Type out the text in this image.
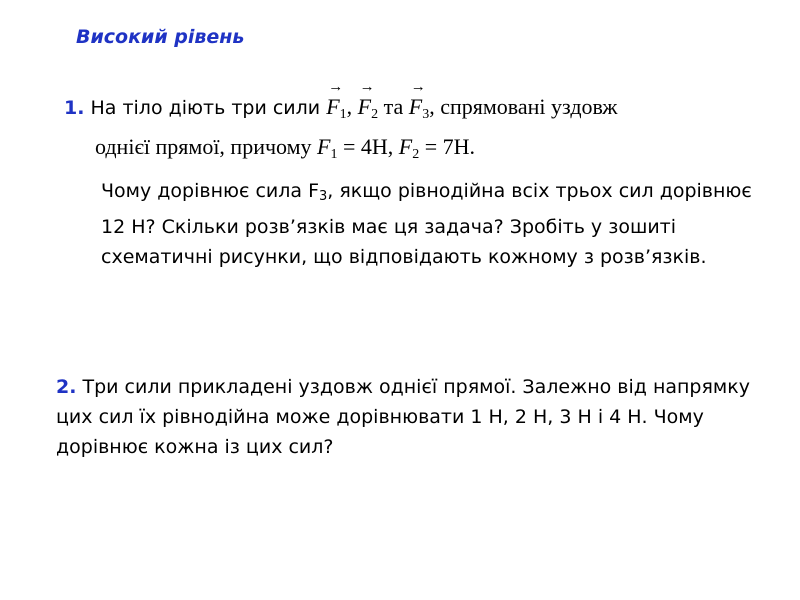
Високий рівень
1. На тіло діють три сили → $F_1$, → $F_2$ та → $F_3$, спрямовані уздовж
однієї прямої, причому $F_1 = 4Н$, $F_2 = 7Н$.
Чому дорівнює сила $F_3$, якщо рівнодійна всіх трьох сил дорівнює 12 Н? Скільки розв’язків має ця задача? Зробіть у зошиті схематичні рисунки, що відповідають кожному з розв’язків.
2. Три сили прикладені уздовж однієї прямої. Залежно від напрямку цих сил їх рівнодійна може дорівнювати 1 Н, 2 Н, 3 Н і 4 Н. Чому дорівнює кожна із цих сил?
